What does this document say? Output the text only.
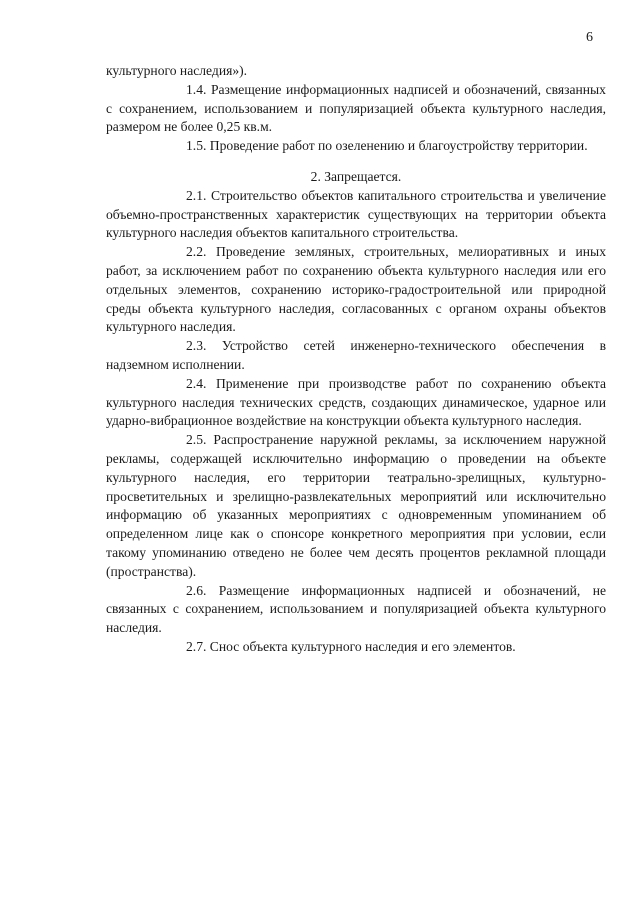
6

культурного наследия»).

1.4. Размещение информационных надписей и обозначений, связанных с сохранением, использованием и популяризацией объекта культурного наследия, размером не более 0,25 кв.м.

1.5. Проведение работ по озеленению и благоустройству территории.

2. Запрещается.

2.1. Строительство объектов капитального строительства и увеличение объемно-пространственных характеристик существующих на территории объекта культурного наследия объектов капитального строительства.

2.2. Проведение земляных, строительных, мелиоративных и иных работ, за исключением работ по сохранению объекта культурного наследия или его отдельных элементов, сохранению историко-градостроительной или природной среды объекта культурного наследия, согласованных с органом охраны объектов культурного наследия.

2.3. Устройство сетей инженерно-технического обеспечения в надземном исполнении.

2.4. Применение при производстве работ по сохранению объекта культурного наследия технических средств, создающих динамическое, ударное или ударно-вибрационное воздействие на конструкции объекта культурного наследия.

2.5. Распространение наружной рекламы, за исключением наружной рекламы, содержащей исключительно информацию о проведении на объекте культурного наследия, его территории театрально-зрелищных, культурно-просветительных и зрелищно-развлекательных мероприятий или исключительно информацию об указанных мероприятиях с одновременным упоминанием об определенном лице как о спонсоре конкретного мероприятия при условии, если такому упоминанию отведено не более чем десять процентов рекламной площади (пространства).

2.6. Размещение информационных надписей и обозначений, не связанных с сохранением, использованием и популяризацией объекта культурного наследия.

2.7. Снос объекта культурного наследия и его элементов.
